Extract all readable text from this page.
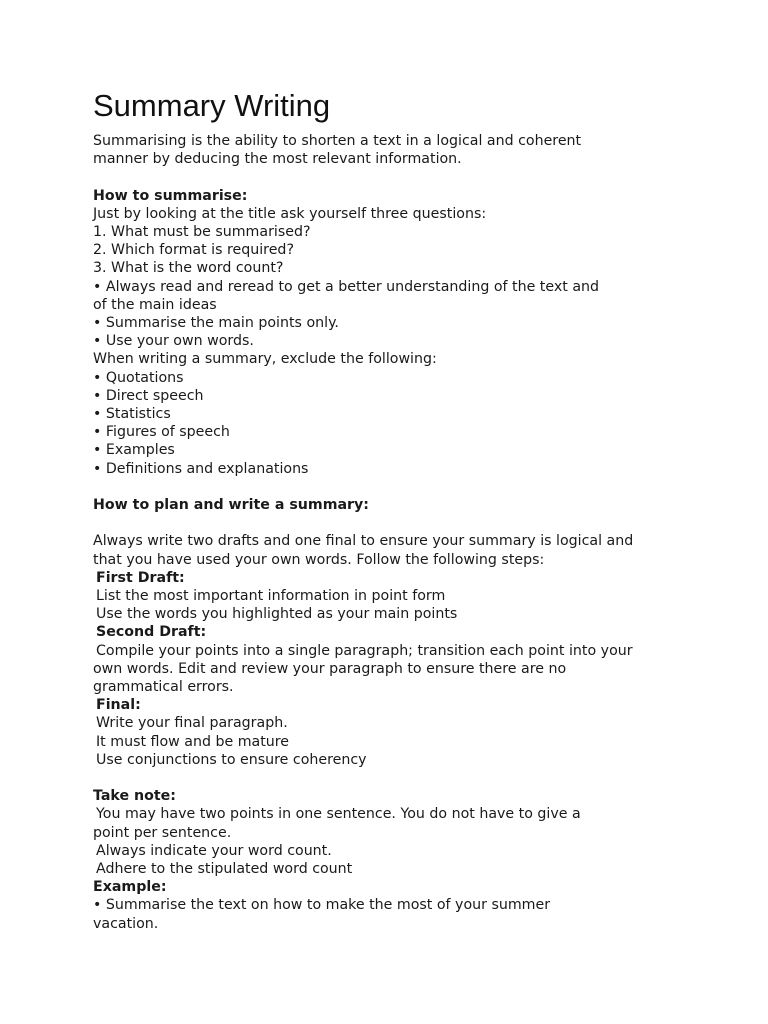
Summary Writing

Summarising is the ability to shorten a text in a logical and coherent

manner by deducing the most relevant information.

How to summarise:

Just by looking at the title ask yourself three questions:

1. What must be summarised?

2. Which format is required?

3. What is the word count?

• Always read and reread to get a better understanding of the text and

of the main ideas

• Summarise the main points only.

• Use your own words.

When writing a summary, exclude the following:

• Quotations

• Direct speech

• Statistics

• Figures of speech

• Examples

• Definitions and explanations

How to plan and write a summary:

Always write two drafts and one final to ensure your summary is logical and

that you have used your own words. Follow the following steps:

First Draft:

List the most important information in point form

Use the words you highlighted as your main points

Second Draft:

Compile your points into a single paragraph; transition each point into your

own words. Edit and review your paragraph to ensure there are no

grammatical errors.

Final:

Write your final paragraph.

It must flow and be mature

Use conjunctions to ensure coherency

Take note:

You may have two points in one sentence. You do not have to give a

point per sentence.

Always indicate your word count.

Adhere to the stipulated word count

Example:

• Summarise the text on how to make the most of your summer

vacation.
